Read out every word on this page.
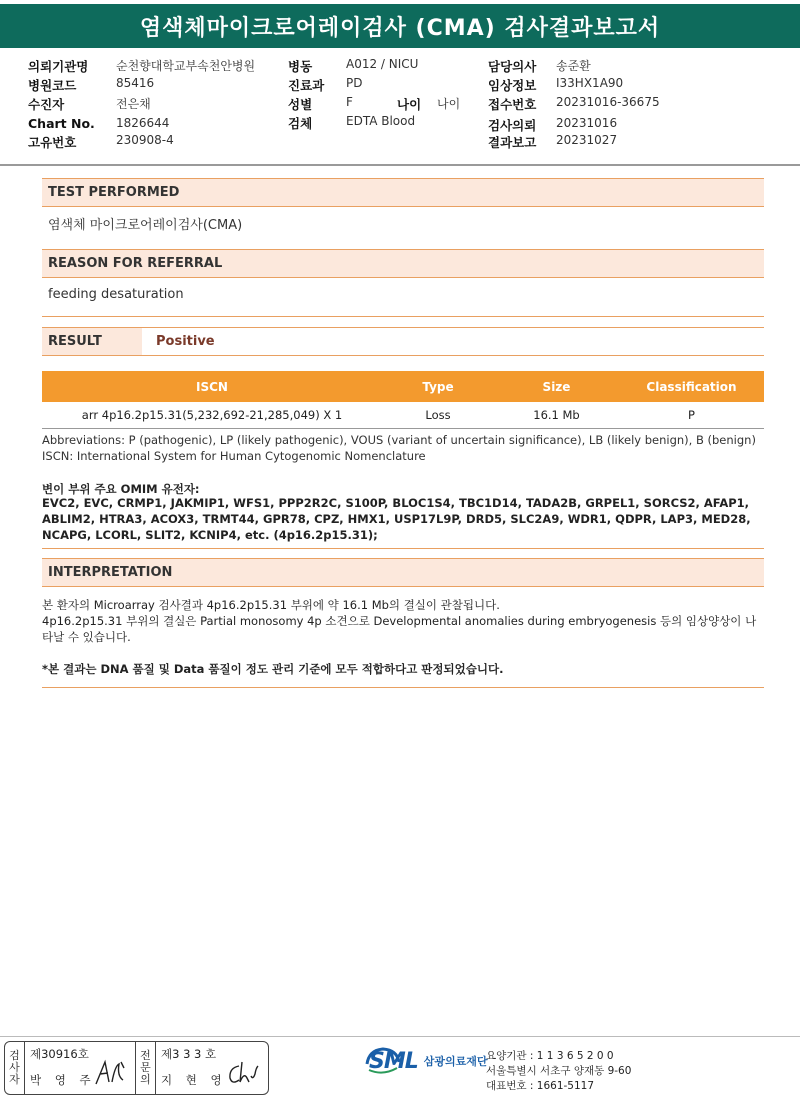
염색체마이크로어레이검사 (CMA) 검사결과보고서
의뢰기관명 순천향대학교부속천안병원
병원코드	85416
수진자	전은채
Chart No. 1826644
고유번호	230908-4
병동	A012 / NICU
진료과 PD
성별	F	나이 나이
검체	EDTA Blood
담당의사 송준환
임상정보 I33HX1A90
접수번호 20231016-36675
검사의뢰 20231016
결과보고 20231027
TEST PERFORMED
염색체 마이크로어레이검사(CMA)
REASON FOR REFERRAL
feeding desaturation
RESULT	Positive
ISCN	Type	Size	Classification
arr 4p16.2p15.31(5,232,692-21,285,049) X 1	Loss	16.1 Mb	P
Abbreviations: P (pathogenic), LP (likely pathogenic), VOUS (variant of uncertain significance), LB (likely benign), B (benign)
ISCN: International System for Human Cytogenomic Nomenclature
변이 부위 주요 OMIM 유전자:
EVC2, EVC, CRMP1, JAKMIP1, WFS1, PPP2R2C, S100P, BLOC1S4, TBC1D14, TADA2B, GRPEL1, SORCS2, AFAP1, ABLIM2, HTRA3, ACOX3, TRMT44, GPR78, CPZ, HMX1, USP17L9P, DRD5, SLC2A9, WDR1, QDPR, LAP3, MED28, NCAPG, LCORL, SLIT2, KCNIP4, etc. (4p16.2p15.31);
INTERPRETATION

본 환자의 Microarray 검사결과 4p16.2p15.31 부위에 약 16.1 Mb의 결실이 관찰됩니다.

4p16.2p15.31 부위의 결실은 Partial monosomy 4p 소견으로 Developmental anomalies during embryogenesis 등의 임상양상이 나타날 수 있습니다.

*본 결과는 DNA 품질 및 Data 품질이 정도 관리 기준에 모두 적합하다고 판정되었습니다.

검
사
자
제30916호
박 영 주
전
문
의
제3 3 3 호
지 현 영
SML 삼광의료재단
요양기관 : 1 1 3 6 5 2 0 0
서울특별시 서초구 양재동 9-60
대표번호 : 1661-5117
